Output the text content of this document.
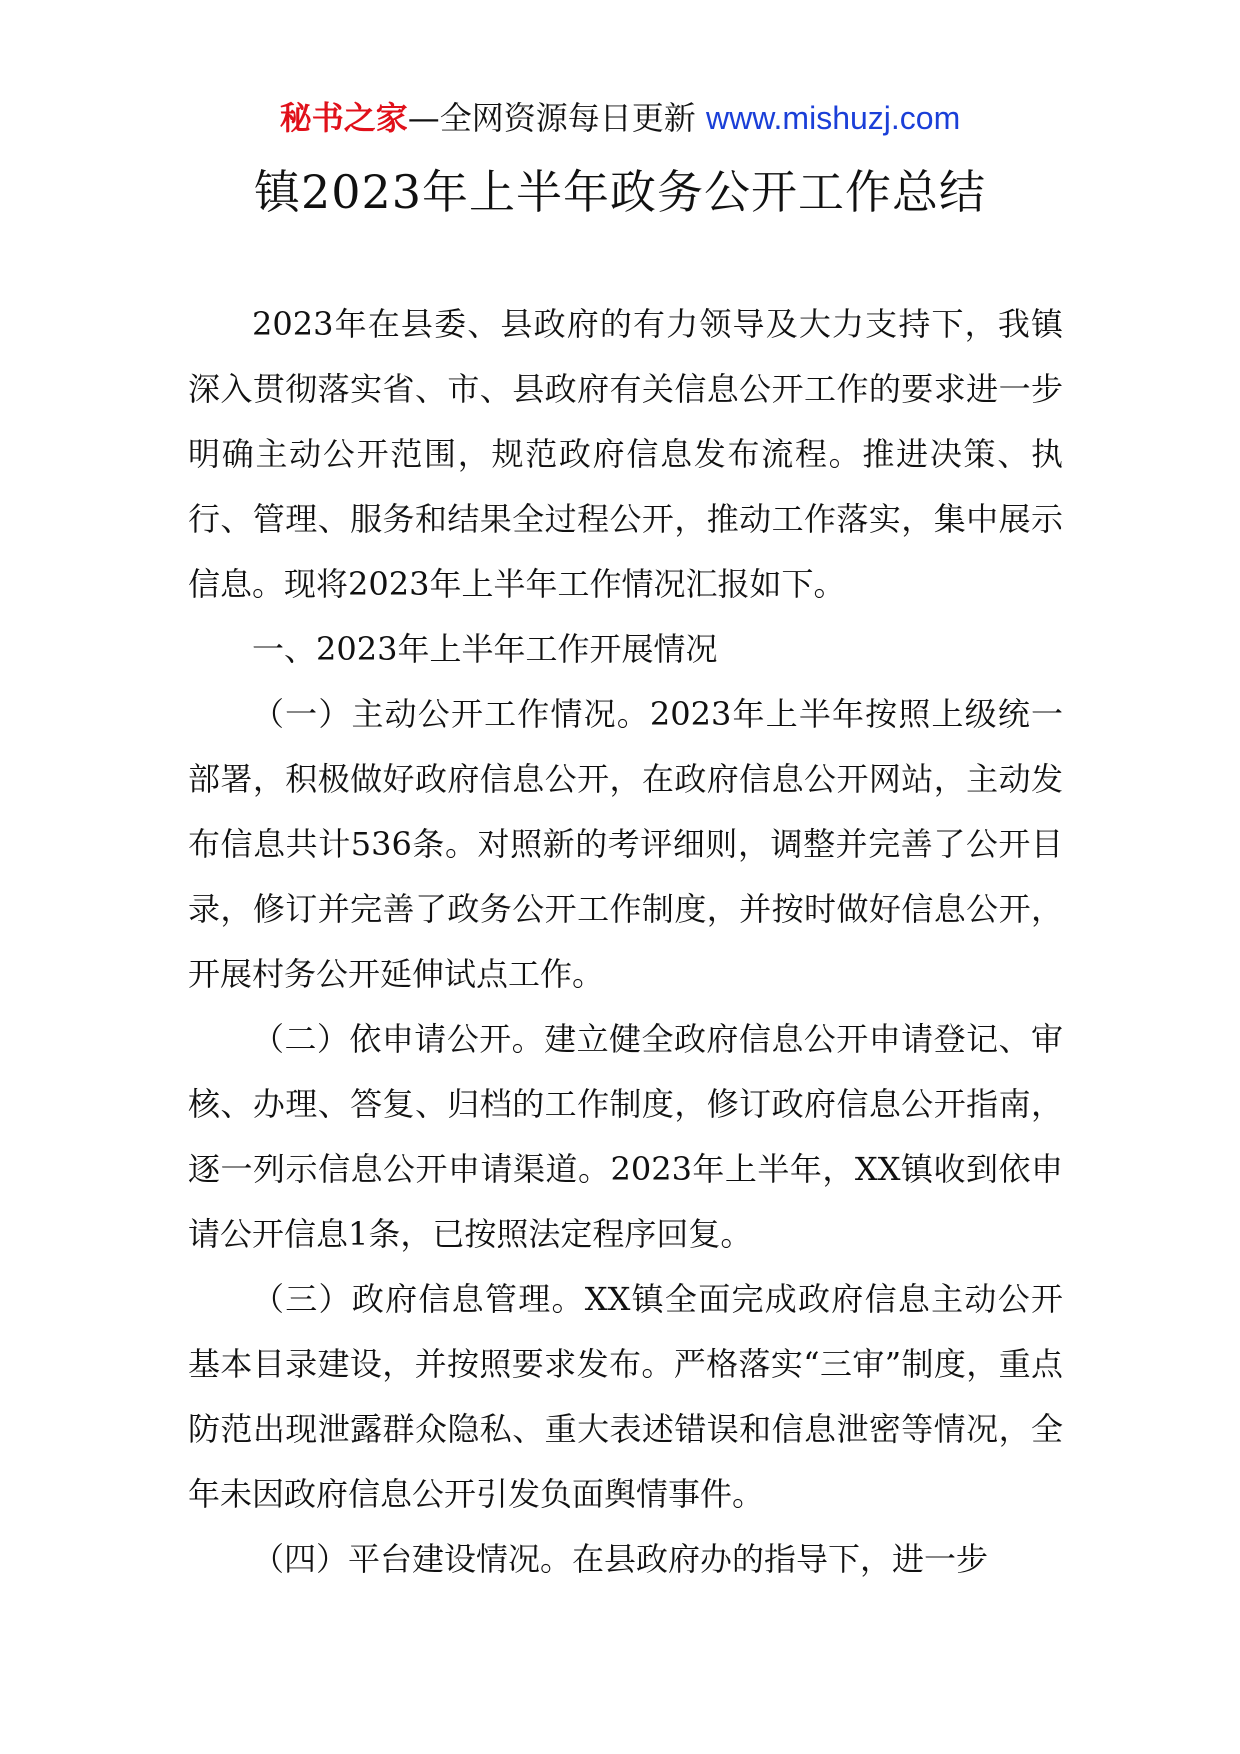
秘书之家—全网资源每日更新 www.mishuzj.com
镇2023年上半年政务公开工作总结

2023年在县委、县政府的有力领导及大力支持下，我镇深入贯彻落实省、市、县政府有关信息公开工作的要求进一步明确主动公开范围，规范政府信息发布流程。推进决策、执行、管理、服务和结果全过程公开，推动工作落实，集中展示信息。现将2023年上半年工作情况汇报如下。

一、2023年上半年工作开展情况

（一）主动公开工作情况。2023年上半年按照上级统一部署，积极做好政府信息公开，在政府信息公开网站，主动发布信息共计536条。对照新的考评细则，调整并完善了公开目录，修订并完善了政务公开工作制度，并按时做好信息公开，开展村务公开延伸试点工作。

（二）依申请公开。建立健全政府信息公开申请登记、审核、办理、答复、归档的工作制度，修订政府信息公开指南，逐一列示信息公开申请渠道。2023年上半年，XX镇收到依申请公开信息1条，已按照法定程序回复。

（三）政府信息管理。XX镇全面完成政府信息主动公开基本目录建设，并按照要求发布。严格落实“三审”制度，重点防范出现泄露群众隐私、重大表述错误和信息泄密等情况，全年未因政府信息公开引发负面舆情事件。

（四）平台建设情况。在县政府办的指导下，进一步
